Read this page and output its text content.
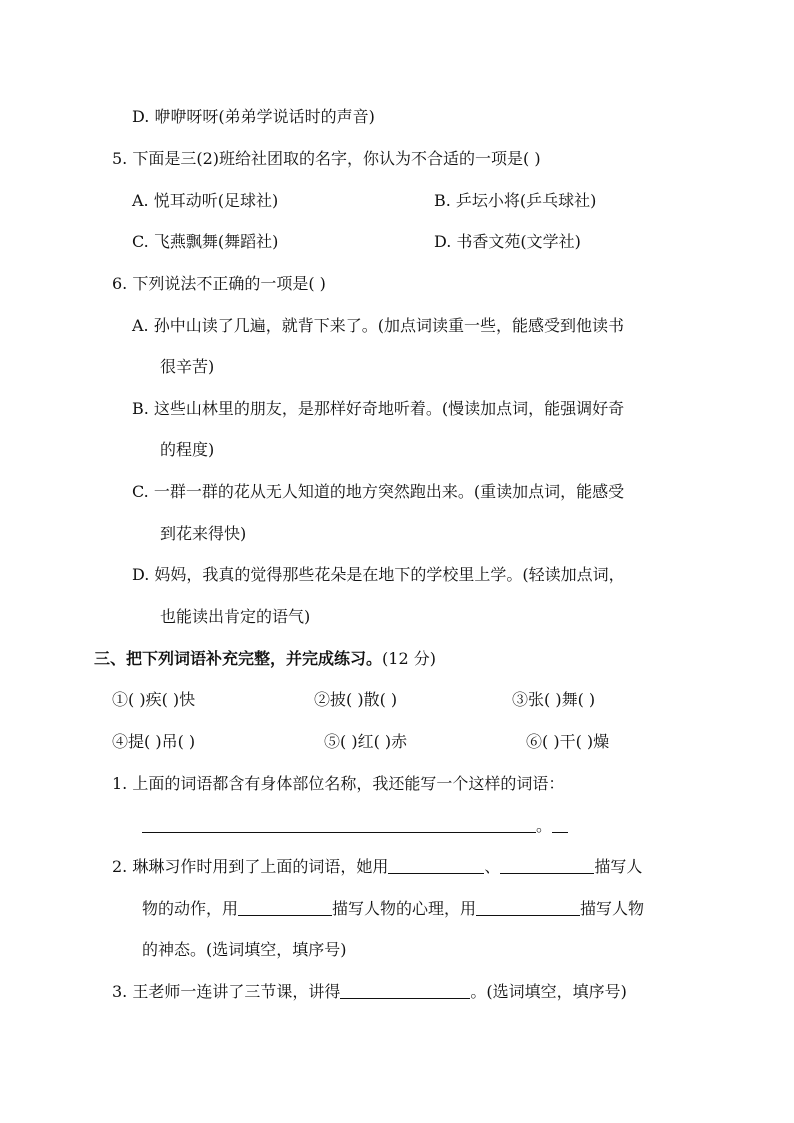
D. 咿咿呀呀(弟弟学说话时的声音)
5. 下面是三(2)班给社团取的名字，你认为不合适的一项是( )
A. 悦耳动听(足球社)	B. 乒坛小将(乒乓球社)
C. 飞燕飘舞(舞蹈社)	D. 书香文苑(文学社)
6. 下列说法不正确的一项是( )
A. 孙中山读了几遍，就背下来了。(加点词读重一些，能感受到他读书
很辛苦)
B. 这些山林里的朋友，是那样好奇地听着。(慢读加点词，能强调好奇
的程度)
C. 一群一群的花从无人知道的地方突然跑出来。(重读加点词，能感受
到花来得快)
D. 妈妈，我真的觉得那些花朵是在地下的学校里上学。(轻读加点词，
也能读出肯定的语气)
三、把下列词语补充完整，并完成练习。(12 分)
①( )疾( )快	②披( )散( )	③张( )舞( )
④提( )吊( )	⑤( )红( )赤	⑥( )干( )燥
1. 上面的词语都含有身体部位名称，我还能写一个这样的词语：
。
2. 琳琳习作时用到了上面的词语，她用	、	描写人
物的动作，用	描写人物的心理，用	描写人物
的神态。(选词填空，填序号)
3. 王老师一连讲了三节课，讲得	。(选词填空，填序号)
